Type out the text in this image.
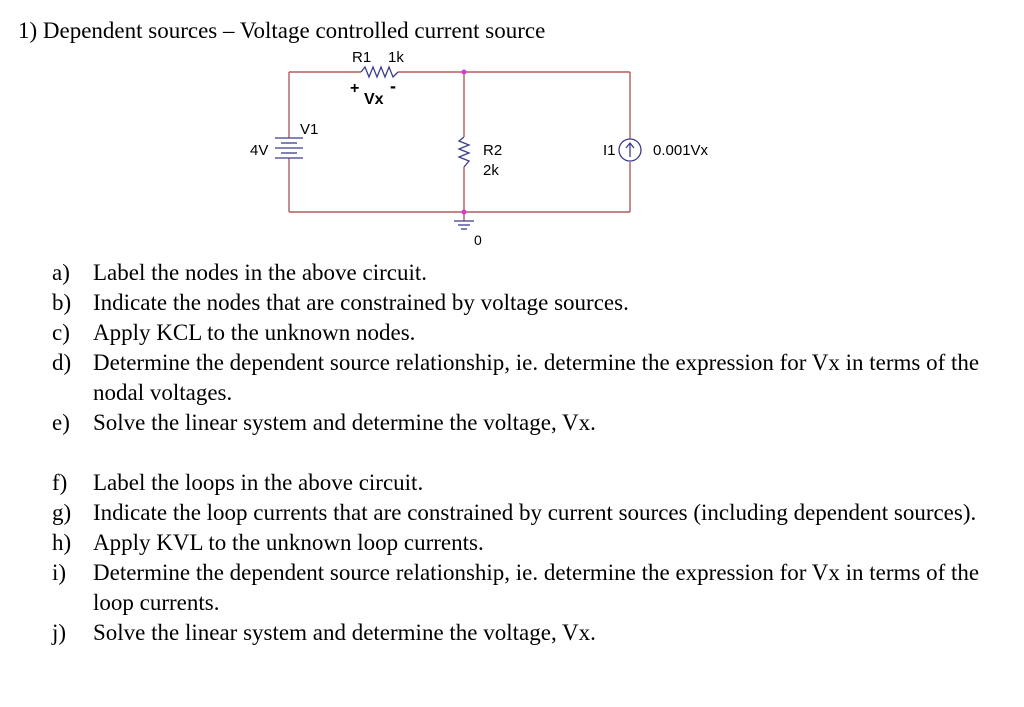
1) Dependent sources – Voltage controlled current source
R1 1k
+
Vx
-
V1
4V	R2
2k
0
I1 0.001Vx
a)	Label the nodes in the above circuit.
b) Indicate the nodes that are constrained by voltage sources.
c)	Apply KCL to the unknown nodes.
d) Determine the dependent source relationship, ie. determine the expression for Vx in terms of the nodal voltages.
e)	Solve the linear system and determine the voltage, Vx.
f)	Label the loops in the above circuit.
g) Indicate the loop currents that are constrained by current sources (including dependent sources).
h) Apply KVL to the unknown loop currents.
i)	Determine the dependent source relationship, ie. determine the expression for Vx in terms of the loop currents.
j)	Solve the linear system and determine the voltage, Vx.
